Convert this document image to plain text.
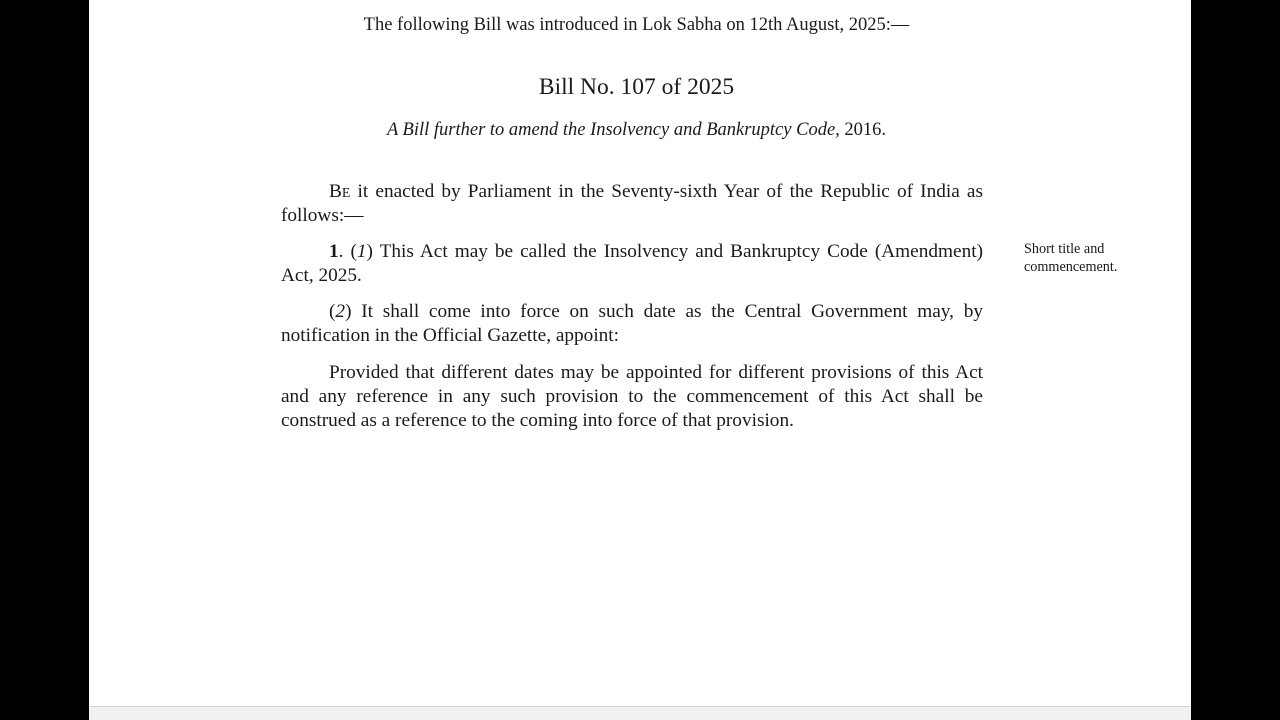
The following Bill was introduced in Lok Sabha on 12th August, 2025:—
Bill No. 107 of 2025
A Bill further to amend the Insolvency and Bankruptcy Code, 2016.
Be it enacted by Parliament in the Seventy-sixth Year of the Republic of India as follows:—
1. (1) This Act may be called the Insolvency and Bankruptcy Code (Amendment) Act, 2025.
(2) It shall come into force on such date as the Central Government may, by notification in the Official Gazette, appoint:
Provided that different dates may be appointed for different provisions of this Act and any reference in any such provision to the commencement of this Act shall be construed as a reference to the coming into force of that provision.
Short title and commencement.
